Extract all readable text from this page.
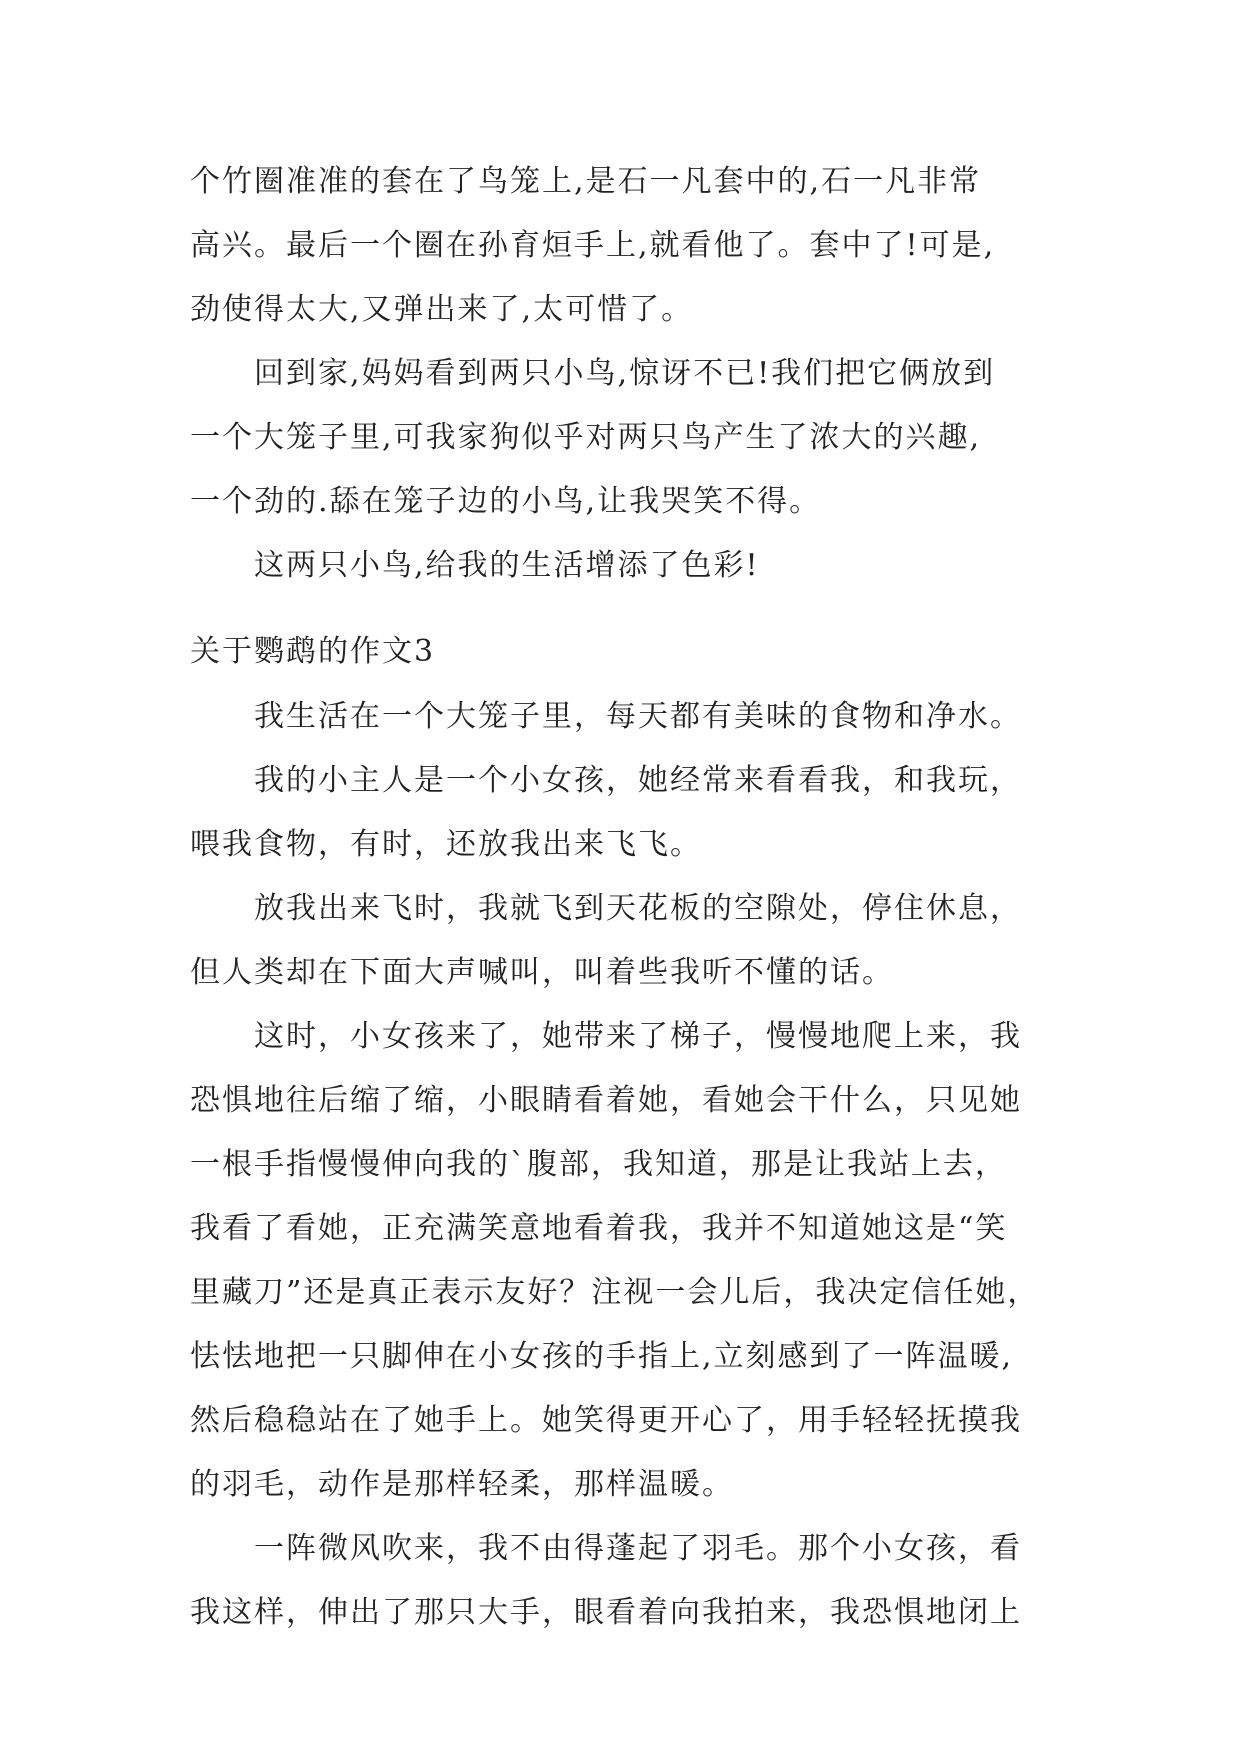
个竹圈准准的套在了鸟笼上,是石一凡套中的,石一凡非常
高兴。最后一个圈在孙育烜手上,就看他了。套中了!可是,
劲使得太大,又弹出来了,太可惜了。
　　回到家,妈妈看到两只小鸟,惊讶不已!我们把它俩放到
一个大笼子里,可我家狗似乎对两只鸟产生了浓大的兴趣,
一个劲的.舔在笼子边的小鸟,让我哭笑不得。
　　这两只小鸟,给我的生活增添了色彩!
关于鹦鹉的作文3
　　我生活在一个大笼子里，每天都有美味的食物和净水。
　　我的小主人是一个小女孩，她经常来看看我，和我玩，
喂我食物，有时，还放我出来飞飞。
　　放我出来飞时，我就飞到天花板的空隙处，停住休息，
但人类却在下面大声喊叫，叫着些我听不懂的话。
　　这时，小女孩来了，她带来了梯子，慢慢地爬上来，我
恐惧地往后缩了缩，小眼睛看着她，看她会干什么，只见她
一根手指慢慢伸向我的`腹部，我知道，那是让我站上去，
我看了看她，正充满笑意地看着我，我并不知道她这是“笑
里藏刀”还是真正表示友好？注视一会儿后，我决定信任她，
怯怯地把一只脚伸在小女孩的手指上,立刻感到了一阵温暖,
然后稳稳站在了她手上。她笑得更开心了，用手轻轻抚摸我
的羽毛，动作是那样轻柔，那样温暖。
　　一阵微风吹来，我不由得蓬起了羽毛。那个小女孩，看
我这样，伸出了那只大手，眼看着向我拍来，我恐惧地闭上
